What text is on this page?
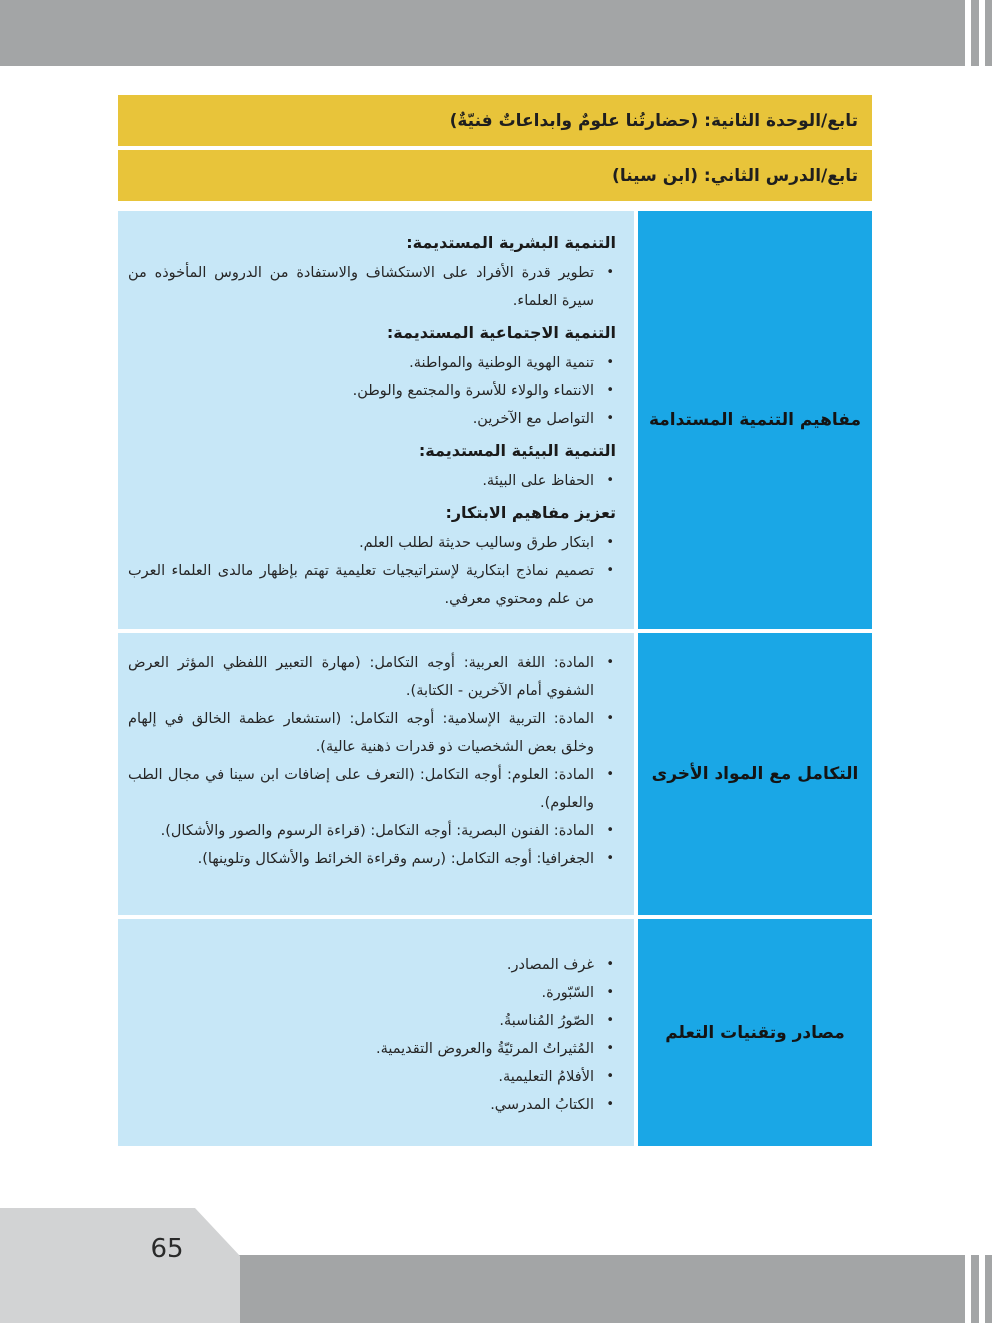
تابع/الوحدة الثانية: (حضارتُنا علومٌ وابداعاتٌ فنيّةٌ)
تابع/الدرس الثاني: (ابن سينا)
مفاهيم التنمية المستدامة
التنمية البشرية المستديمة:
• تطوير قدرة الأفراد على الاستكشاف والاستفادة من الدروس المأخوذه من سيرة العلماء.
التنمية الاجتماعية المستديمة:
• تنمية الهوية الوطنية والمواطنة.
• الانتماء والولاء للأسرة والمجتمع والوطن.
• التواصل مع الآخرين.
التنمية البيئية المستديمة:
• الحفاظ على البيئة.
تعزيز مفاهيم الابتكار:
• ابتكار طرق وساليب حديثة لطلب العلم.
• تصميم نماذج ابتكارية لإستراتيجيات تعليمية تهتم بإظهار مالدى العلماء العرب من علم ومحتوي معرفي.
التكامل مع المواد الأخرى
• المادة: اللغة العربية: أوجه التكامل: (مهارة التعبير اللفظي المؤثر العرض الشفوي أمام الآخرين - الكتابة).
• المادة: التربية الإسلامية: أوجه التكامل: (استشعار عظمة الخالق في إلهام وخلق بعض الشخصيات ذو قدرات ذهنية عالية).
• المادة: العلوم: أوجه التكامل: (التعرف على إضافات ابن سينا في مجال الطب والعلوم).
• المادة: الفنون البصرية: أوجه التكامل: (قراءة الرسوم والصور والأشكال).
• الجغرافيا: أوجه التكامل: (رسم وقراءة الخرائط والأشكال وتلوينها).
مصادر وتقنيات التعلم
• غرف المصادر.
• السّبّورة.
• الصّورُ المُناسبةُ.
• المُثيراتُ المرئيّةُ والعروض التقديمية.
• الأفلامُ التعليمية.
• الكتابُ المدرسي.
65
